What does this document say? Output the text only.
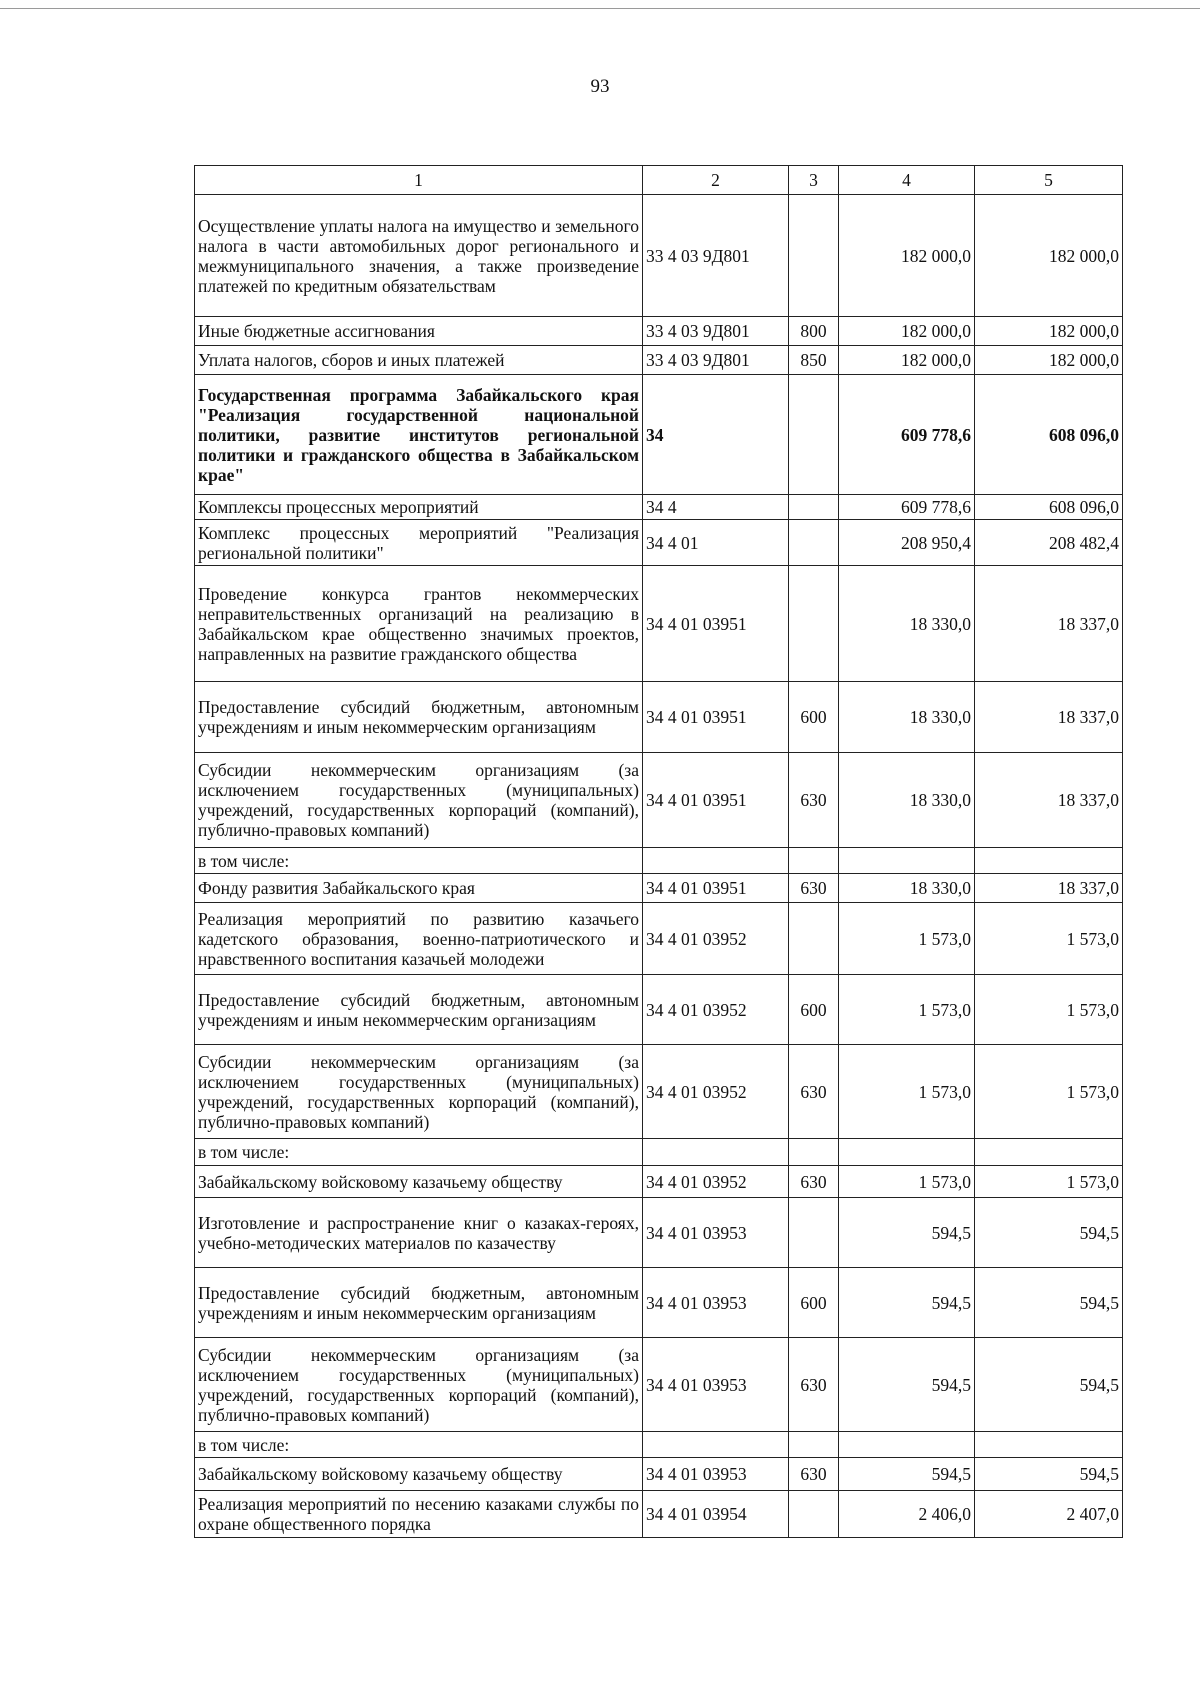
93
1	2	3	4	5
Осуществление уплаты налога на имущество и земельного налога в части автомобильных дорог регионального и межмуниципального значения, а также произведение платежей по кредитным обязательствам	33 4 03 9Д801		182 000,0	182 000,0
Иные бюджетные ассигнования	33 4 03 9Д801	800	182 000,0	182 000,0
Уплата налогов, сборов и иных платежей	33 4 03 9Д801	850	182 000,0	182 000,0
Государственная программа Забайкальского края "Реализация государственной национальной политики, развитие институтов региональной политики и гражданского общества в Забайкальском крае"	34		609 778,6	608 096,0
Комплексы процессных мероприятий	34 4		609 778,6	608 096,0
Комплекс процессных мероприятий "Реализация региональной политики"	34 4 01		208 950,4	208 482,4
Проведение конкурса грантов некоммерческих неправительственных организаций на реализацию в Забайкальском крае общественно значимых проектов, направленных на развитие гражданского общества	34 4 01 03951		18 330,0	18 337,0
Предоставление субсидий бюджетным, автономным учреждениям и иным некоммерческим организациям	34 4 01 03951	600	18 330,0	18 337,0
Субсидии некоммерческим организациям (за исключением государственных (муниципальных) учреждений, государственных корпораций (компаний), публично-правовых компаний)	34 4 01 03951	630	18 330,0	18 337,0
в том числе:				
Фонду развития Забайкальского края	34 4 01 03951	630	18 330,0	18 337,0
Реализация мероприятий по развитию казачьего кадетского образования, военно-патриотического и нравственного воспитания казачьей молодежи	34 4 01 03952		1 573,0	1 573,0
Предоставление субсидий бюджетным, автономным учреждениям и иным некоммерческим организациям	34 4 01 03952	600	1 573,0	1 573,0
Субсидии некоммерческим организациям (за исключением государственных (муниципальных) учреждений, государственных корпораций (компаний), публично-правовых компаний)	34 4 01 03952	630	1 573,0	1 573,0
в том числе:				
Забайкальскому войсковому казачьему обществу	34 4 01 03952	630	1 573,0	1 573,0
Изготовление и распространение книг о казаках-героях, учебно-методических материалов по казачеству	34 4 01 03953		594,5	594,5
Предоставление субсидий бюджетным, автономным учреждениям и иным некоммерческим организациям	34 4 01 03953	600	594,5	594,5
Субсидии некоммерческим организациям (за исключением государственных (муниципальных) учреждений, государственных корпораций (компаний), публично-правовых компаний)	34 4 01 03953	630	594,5	594,5
в том числе:				
Забайкальскому войсковому казачьему обществу	34 4 01 03953	630	594,5	594,5
Реализация мероприятий по несению казаками службы по охране общественного порядка	34 4 01 03954		2 406,0	2 407,0
